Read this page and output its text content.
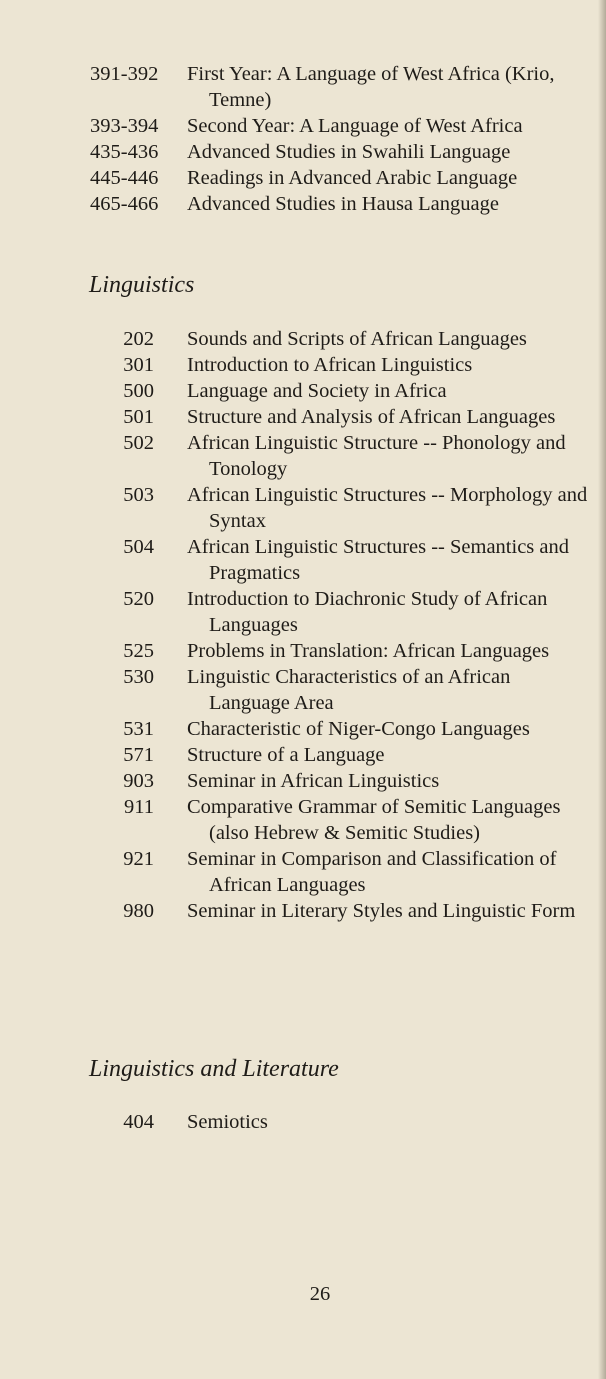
391-392 First Year: A Language of West Africa (Krio, Temne)
393-394 Second Year: A Language of West Africa
435-436 Advanced Studies in Swahili Language
445-446 Readings in Advanced Arabic Language
465-466 Advanced Studies in Hausa Language
Linguistics
202 Sounds and Scripts of African Languages
301 Introduction to African Linguistics
500 Language and Society in Africa
501 Structure and Analysis of African Languages
502 African Linguistic Structure -- Phonology and Tonology
503 African Linguistic Structures -- Morphology and Syntax
504 African Linguistic Structures -- Semantics and Pragmatics
520 Introduction to Diachronic Study of African Languages
525 Problems in Translation: African Languages
530 Linguistic Characteristics of an African Language Area
531 Characteristic of Niger-Congo Languages
571 Structure of a Language
903 Seminar in African Linguistics
911 Comparative Grammar of Semitic Languages (also Hebrew & Semitic Studies)
921 Seminar in Comparison and Classification of African Languages
980 Seminar in Literary Styles and Linguistic Form
Linguistics and Literature
404 Semiotics
26
